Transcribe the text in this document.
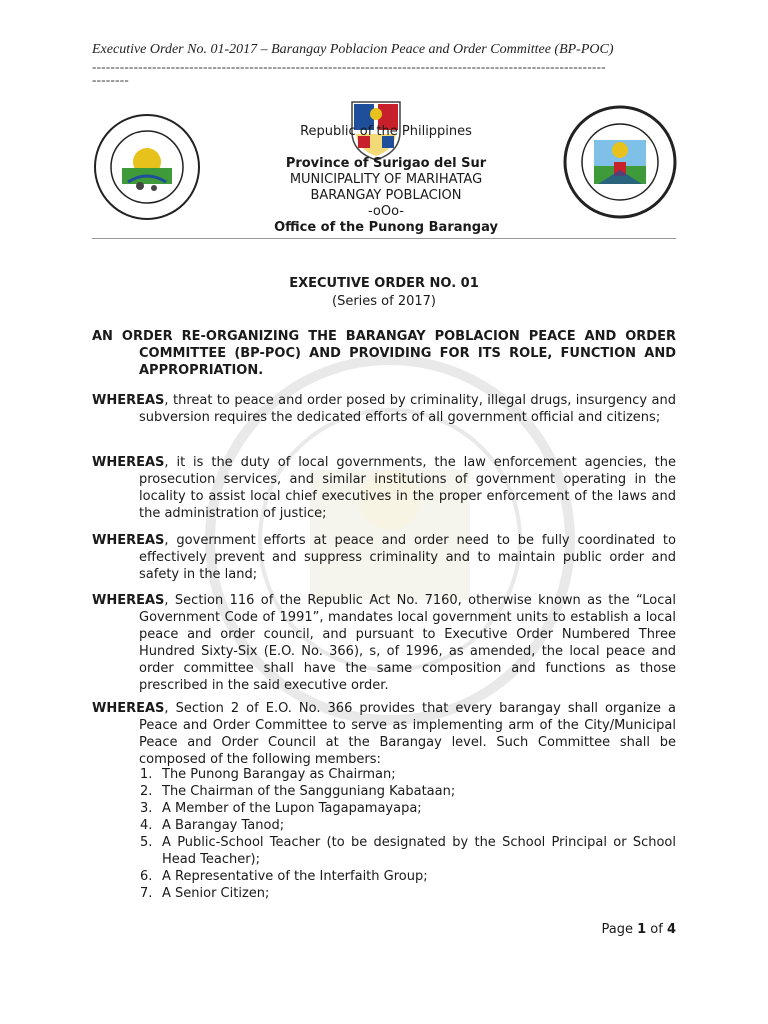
Executive Order No. 01-2017 – Barangay Poblacion Peace and Order Committee (BP-POC)
---------------------------------------------------------------------------------------------------------------
--------
Republic of the Philippines
Province of Surigao del Sur
MUNICIPALITY OF MARIHATAG
BARANGAY POBLACION
-oOo-
Office of the Punong Barangay
EXECUTIVE ORDER NO. 01
(Series of 2017)
AN ORDER RE-ORGANIZING THE BARANGAY POBLACION PEACE AND ORDER COMMITTEE (BP-POC) AND PROVIDING FOR ITS ROLE, FUNCTION AND APPROPRIATION.
WHEREAS, threat to peace and order posed by criminality, illegal drugs, insurgency and subversion requires the dedicated efforts of all government official and citizens;
WHEREAS, it is the duty of local governments, the law enforcement agencies, the prosecution services, and similar institutions of government operating in the locality to assist local chief executives in the proper enforcement of the laws and the administration of justice;
WHEREAS, government efforts at peace and order need to be fully coordinated to effectively prevent and suppress criminality and to maintain public order and safety in the land;
WHEREAS, Section 116 of the Republic Act No. 7160, otherwise known as the “Local Government Code of 1991”, mandates local government units to establish a local peace and order council, and pursuant to Executive Order Numbered Three Hundred Sixty-Six (E.O. No. 366), s, of 1996, as amended, the local peace and order committee shall have the same composition and functions as those prescribed in the said executive order.
WHEREAS, Section 2 of E.O. No. 366 provides that every barangay shall organize a Peace and Order Committee to serve as implementing arm of the City/Municipal Peace and Order Council at the Barangay level. Such Committee shall be composed of the following members:
1. The Punong Barangay as Chairman;
2. The Chairman of the Sangguniang Kabataan;
3. A Member of the Lupon Tagapamayapa;
4. A Barangay Tanod;
5. A Public-School Teacher (to be designated by the School Principal or School Head Teacher);
6. A Representative of the Interfaith Group;
7. A Senior Citizen;
Page 1 of 4
